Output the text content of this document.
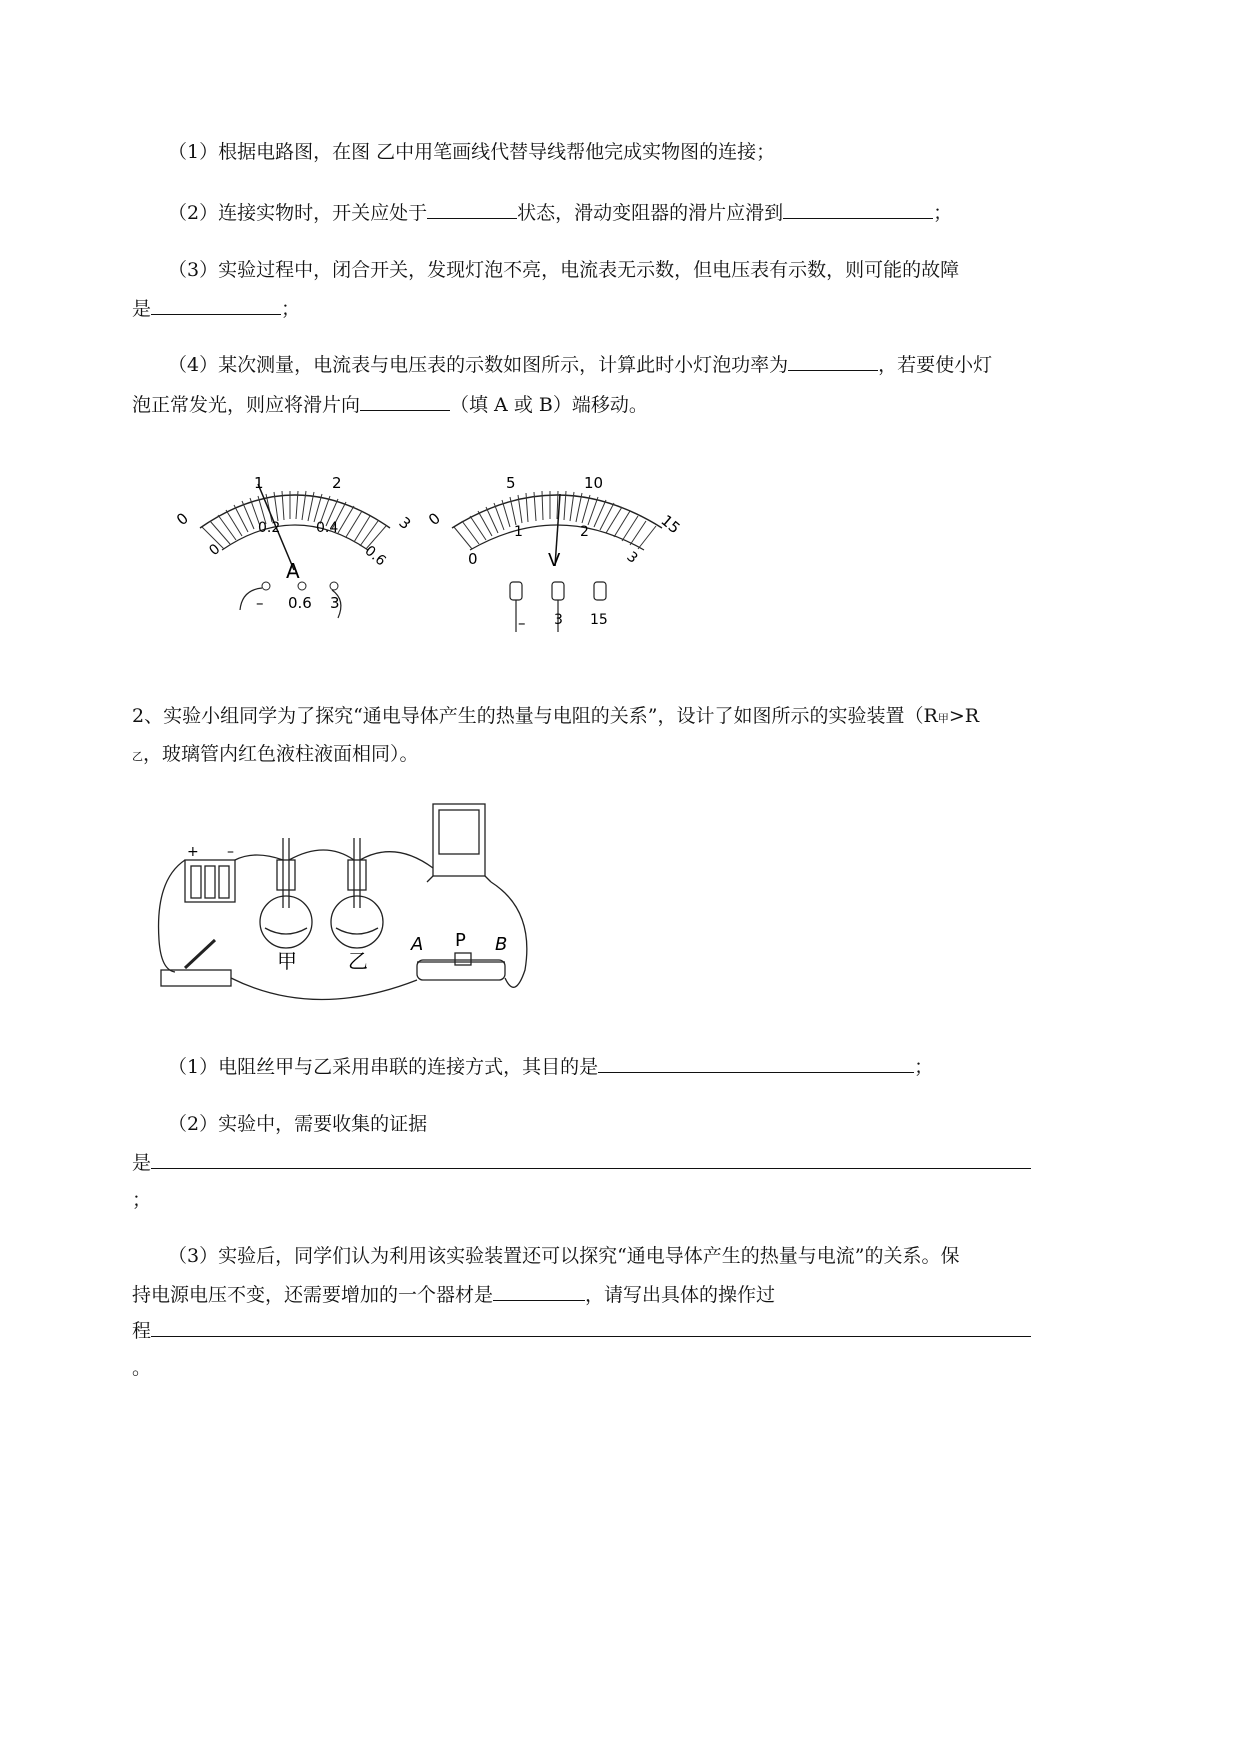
（1）根据电路图，在图 乙中用笔画线代替导线帮他完成实物图的连接；
（2）连接实物时，开关应处于	状态，滑动变阻器的滑片应滑到	；
（3）实验过程中，闭合开关，发现灯泡不亮，电流表无示数，但电压表有示数，则可能的故障
是	；
（4）某次测量，电流表与电压表的示数如图所示，计算此时小灯泡功率为	，若要使小灯
泡正常发光，则应将滑片向	（填 A 或 B）端移动。
0
1	2
3
0
0.2	0.4
0.6
A
– 0.6 3
0
5	10
15
0
1	2
3
V
– 3 15
2、实验小组同学为了探究“通电导体产生的热量与电阻的关系”，设计了如图所示的实验装置（R甲>R
乙，玻璃管内红色液柱液面相同）。
+ –
甲	乙
A P B
（1）电阻丝甲与乙采用串联的连接方式，其目的是	；
（2）实验中，需要收集的证据
是
；
（3）实验后，同学们认为利用该实验装置还可以探究“通电导体产生的热量与电流”的关系。保
持电源电压不变，还需要增加的一个器材是	，请写出具体的操作过
程
。
